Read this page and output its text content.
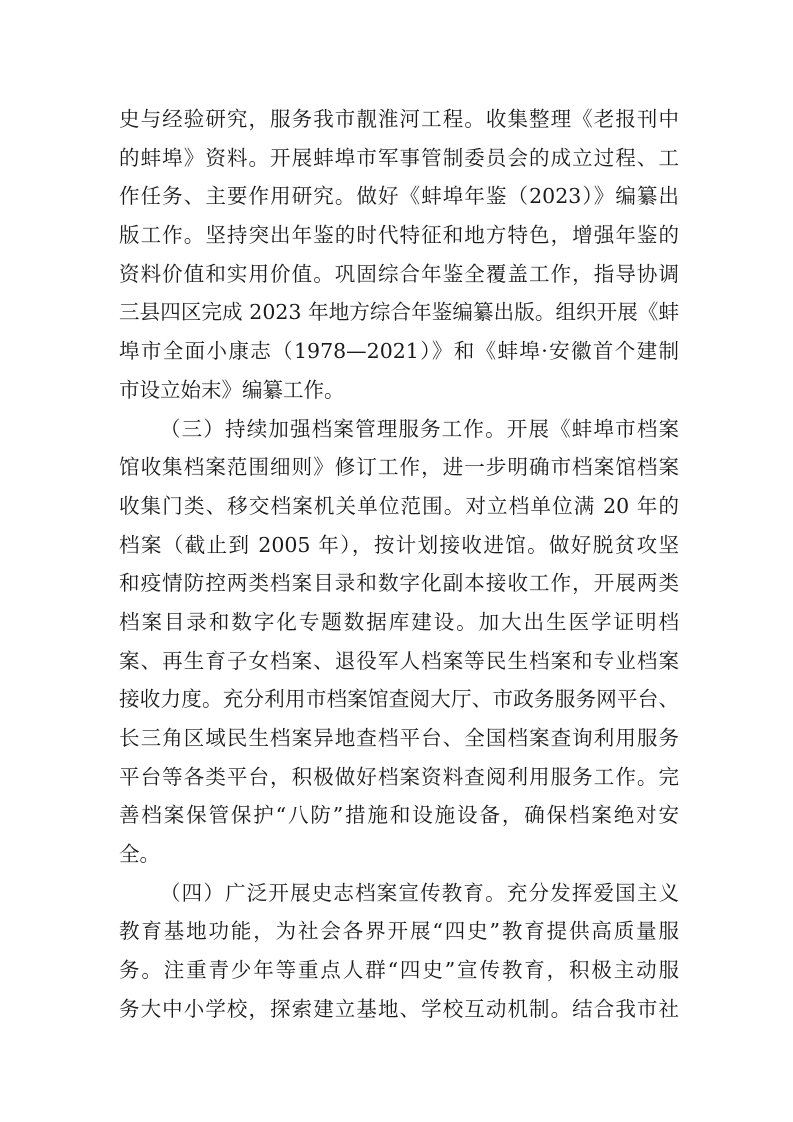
史与经验研究，服务我市靓淮河工程。收集整理《老报刊中
的蚌埠》资料。开展蚌埠市军事管制委员会的成立过程、工
作任务、主要作用研究。做好《蚌埠年鉴（2023）》编纂出
版工作。坚持突出年鉴的时代特征和地方特色，增强年鉴的
资料价值和实用价值。巩固综合年鉴全覆盖工作，指导协调
三县四区完成 2023 年地方综合年鉴编纂出版。组织开展《蚌
埠市全面小康志（1978—2021）》和《蚌埠·安徽首个建制
市设立始末》编纂工作。
（三）持续加强档案管理服务工作。开展《蚌埠市档案
馆收集档案范围细则》修订工作，进一步明确市档案馆档案
收集门类、移交档案机关单位范围。对立档单位满 20 年的
档案（截止到 2005 年），按计划接收进馆。做好脱贫攻坚
和疫情防控两类档案目录和数字化副本接收工作，开展两类
档案目录和数字化专题数据库建设。加大出生医学证明档
案、再生育子女档案、退役军人档案等民生档案和专业档案
接收力度。充分利用市档案馆查阅大厅、市政务服务网平台、
长三角区域民生档案异地查档平台、全国档案查询利用服务
平台等各类平台，积极做好档案资料查阅利用服务工作。完
善档案保管保护“八防”措施和设施设备，确保档案绝对安
全。
（四）广泛开展史志档案宣传教育。充分发挥爱国主义
教育基地功能，为社会各界开展“四史”教育提供高质量服
务。注重青少年等重点人群“四史”宣传教育，积极主动服
务大中小学校，探索建立基地、学校互动机制。结合我市社
